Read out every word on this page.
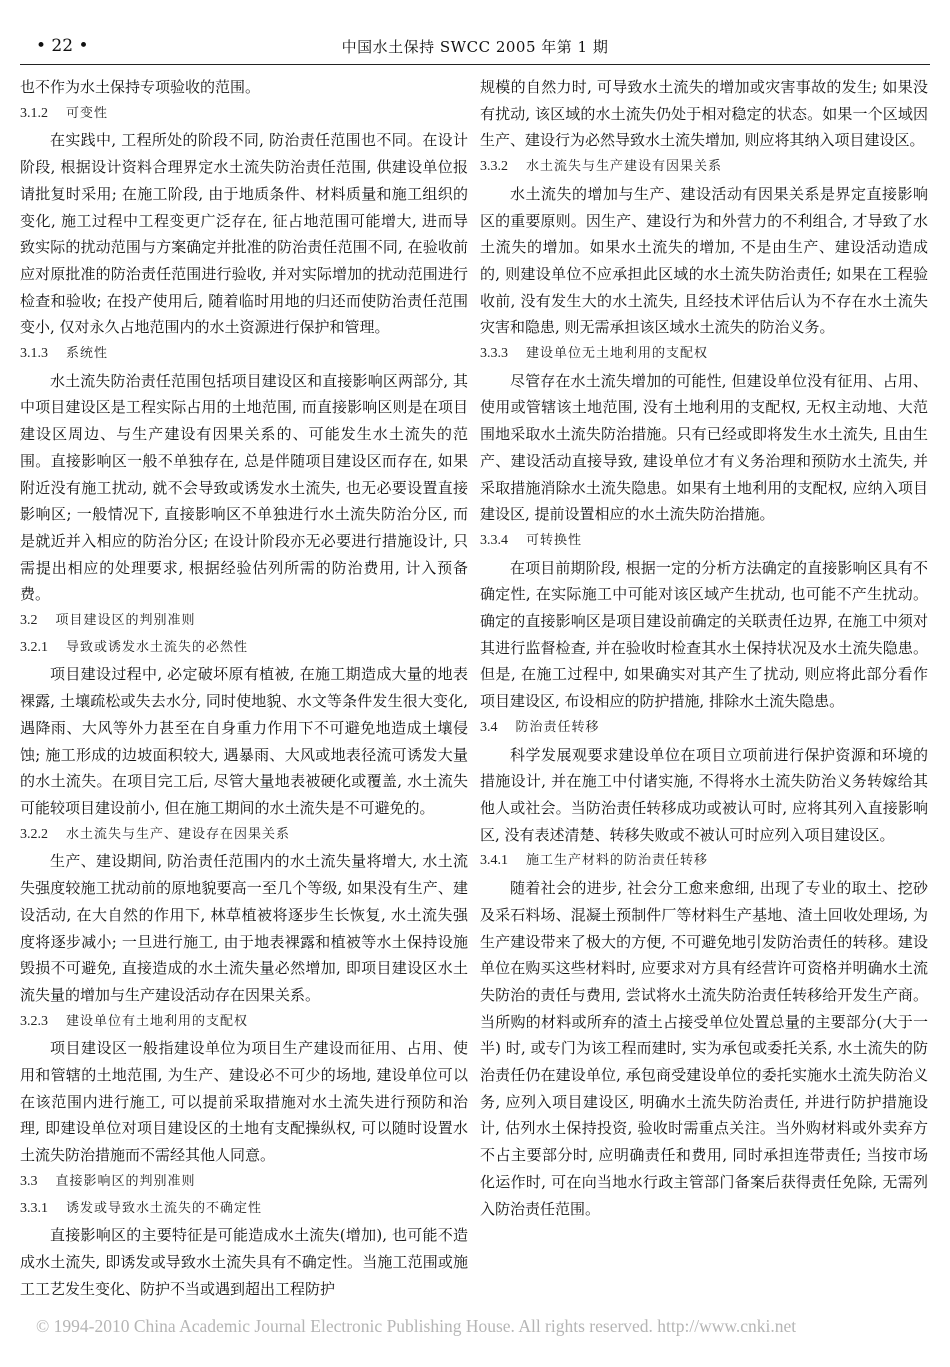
• 22 •	中国水土保持 SWCC 2005 年第 1 期

也不作为水土保持专项验收的范围。

3.1.2 可变性

在实践中, 工程所处的阶段不同, 防治责任范围也不同。在设计阶段, 根据设计资料合理界定水土流失防治责任范围, 供建设单位报请批复时采用; 在施工阶段, 由于地质条件、材料质量和施工组织的变化, 施工过程中工程变更广泛存在, 征占地范围可能增大, 进而导致实际的扰动范围与方案确定并批准的防治责任范围不同, 在验收前应对原批准的防治责任范围进行验收, 并对实际增加的扰动范围进行检查和验收; 在投产使用后, 随着临时用地的归还而使防治责任范围变小, 仅对永久占地范围内的水土资源进行保护和管理。

3.1.3 系统性

水土流失防治责任范围包括项目建设区和直接影响区两部分, 其中项目建设区是工程实际占用的土地范围, 而直接影响区则是在项目建设区周边、与生产建设有因果关系的、可能发生水土流失的范围。直接影响区一般不单独存在, 总是伴随项目建设区而存在, 如果附近没有施工扰动, 就不会导致或诱发水土流失, 也无必要设置直接影响区; 一般情况下, 直接影响区不单独进行水土流失防治分区, 而是就近并入相应的防治分区; 在设计阶段亦无必要进行措施设计, 只需提出相应的处理要求, 根据经验估列所需的防治费用, 计入预备费。

3.2 项目建设区的判别准则
3.2.1 导致或诱发水土流失的必然性

项目建设过程中, 必定破坏原有植被, 在施工期造成大量的地表裸露, 土壤疏松或失去水分, 同时使地貌、水文等条件发生很大变化, 遇降雨、大风等外力甚至在自身重力作用下不可避免地造成土壤侵蚀; 施工形成的边坡面积较大, 遇暴雨、大风或地表径流可诱发大量的水土流失。在项目完工后, 尽管大量地表被硬化或覆盖, 水土流失可能较项目建设前小, 但在施工期间的水土流失是不可避免的。

3.2.2 水土流失与生产、建设存在因果关系

生产、建设期间, 防治责任范围内的水土流失量将增大, 水土流失强度较施工扰动前的原地貌要高一至几个等级, 如果没有生产、建设活动, 在大自然的作用下, 林草植被将逐步生长恢复, 水土流失强度将逐步减小; 一旦进行施工, 由于地表裸露和植被等水土保持设施毁损不可避免, 直接造成的水土流失量必然增加, 即项目建设区水土流失量的增加与生产建设活动存在因果关系。

3.2.3 建设单位有土地利用的支配权

项目建设区一般指建设单位为项目生产建设而征用、占用、使用和管辖的土地范围, 为生产、建设必不可少的场地, 建设单位可以在该范围内进行施工, 可以提前采取措施对水土流失进行预防和治理, 即建设单位对项目建设区的土地有支配操纵权, 可以随时设置水土流失防治措施而不需经其他人同意。

3.3 直接影响区的判别准则
3.3.1 诱发或导致水土流失的不确定性

直接影响区的主要特征是可能造成水土流失(增加), 也可能不造成水土流失, 即诱发或导致水土流失具有不确定性。当施工范围或施工工艺发生变化、防护不当或遇到超出工程防护

规模的自然力时, 可导致水土流失的增加或灾害事故的发生; 如果没有扰动, 该区域的水土流失仍处于相对稳定的状态。如果一个区域因生产、建设行为必然导致水土流失增加, 则应将其纳入项目建设区。

3.3.2 水土流失与生产建设有因果关系

水土流失的增加与生产、建设活动有因果关系是界定直接影响区的重要原则。因生产、建设行为和外营力的不利组合, 才导致了水土流失的增加。如果水土流失的增加, 不是由生产、建设活动造成的, 则建设单位不应承担此区域的水土流失防治责任; 如果在工程验收前, 没有发生大的水土流失, 且经技术评估后认为不存在水土流失灾害和隐患, 则无需承担该区域水土流失的防治义务。

3.3.3 建设单位无土地利用的支配权

尽管存在水土流失增加的可能性, 但建设单位没有征用、占用、使用或管辖该土地范围, 没有土地利用的支配权, 无权主动地、大范围地采取水土流失防治措施。只有已经或即将发生水土流失, 且由生产、建设活动直接导致, 建设单位才有义务治理和预防水土流失, 并采取措施消除水土流失隐患。如果有土地利用的支配权, 应纳入项目建设区, 提前设置相应的水土流失防治措施。

3.3.4 可转换性

在项目前期阶段, 根据一定的分析方法确定的直接影响区具有不确定性, 在实际施工中可能对该区域产生扰动, 也可能不产生扰动。确定的直接影响区是项目建设前确定的关联责任边界, 在施工中须对其进行监督检查, 并在验收时检查其水土保持状况及水土流失隐患。但是, 在施工过程中, 如果确实对其产生了扰动, 则应将此部分看作项目建设区, 布设相应的防护措施, 排除水土流失隐患。

3.4 防治责任转移

科学发展观要求建设单位在项目立项前进行保护资源和环境的措施设计, 并在施工中付诸实施, 不得将水土流失防治义务转嫁给其他人或社会。当防治责任转移成功或被认可时, 应将其列入直接影响区, 没有表述清楚、转移失败或不被认可时应列入项目建设区。

3.4.1 施工生产材料的防治责任转移

随着社会的进步, 社会分工愈来愈细, 出现了专业的取土、挖砂及采石料场、混凝土预制件厂等材料生产基地、渣土回收处理场, 为生产建设带来了极大的方便, 不可避免地引发防治责任的转移。建设单位在购买这些材料时, 应要求对方具有经营许可资格并明确水土流失防治的责任与费用, 尝试将水土流失防治责任转移给开发生产商。当所购的材料或所弃的渣土占接受单位处置总量的主要部分(大于一半) 时, 或专门为该工程而建时, 实为承包或委托关系, 水土流失的防治责任仍在建设单位, 承包商受建设单位的委托实施水土流失防治义务, 应列入项目建设区, 明确水土流失防治责任, 并进行防护措施设计, 估列水土保持投资, 验收时需重点关注。当外购材料或外卖弃方不占主要部分时, 应明确责任和费用, 同时承担连带责任; 当按市场化运作时, 可在向当地水行政主管部门备案后获得责任免除, 无需列入防治责任范围。

© 1994-2010 China Academic Journal Electronic Publishing House. All rights reserved. http://www.cnki.net
